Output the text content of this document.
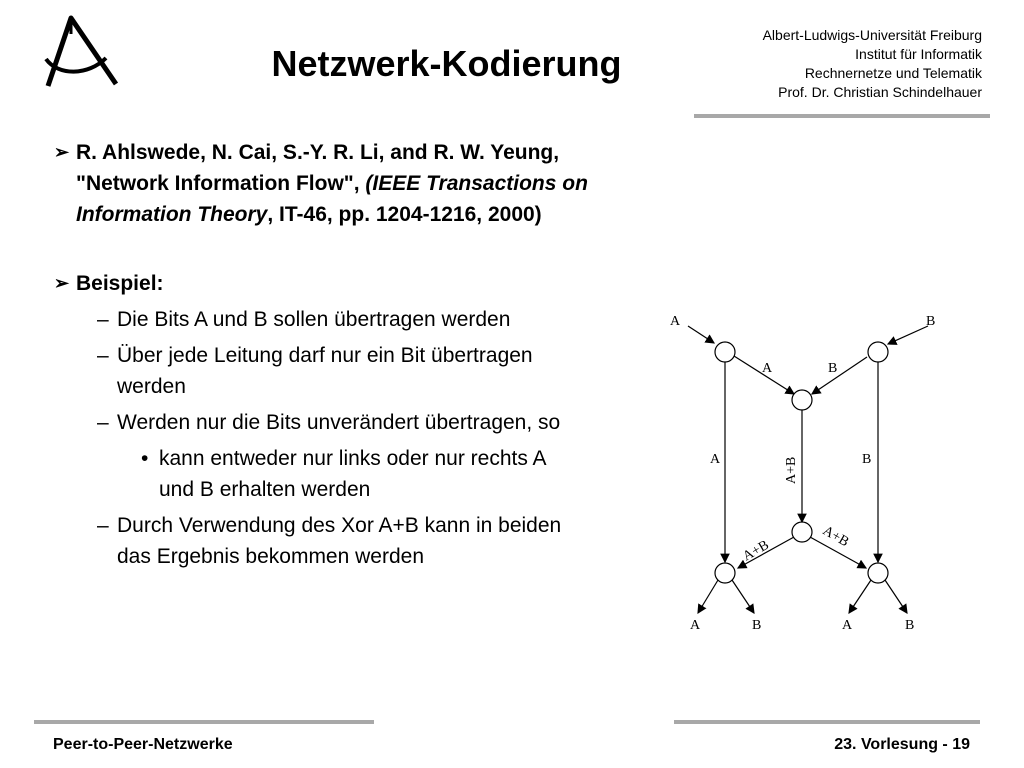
Netzwerk-Kodierung
Albert-Ludwigs-Universität Freiburg
Institut für Informatik
Rechnernetze und Telematik
Prof. Dr. Christian Schindelhauer
➢ R. Ahlswede, N. Cai, S.-Y. R. Li, and R. W. Yeung, "Network Information Flow", (IEEE Transactions on Information Theory, IT-46, pp. 1204-1216, 2000)
➢ Beispiel:
– Die Bits A und B sollen übertragen werden
– Über jede Leitung darf nur ein Bit übertragen werden
– Werden nur die Bits unverändert übertragen, so
• kann entweder nur links oder nur rechts A und B erhalten werden
– Durch Verwendung des Xor A+B kann in beiden das Ergebnis bekommen werden
A	B
A	B
A	B
A+B
A+B
A+B
A	B	A	B
Peer-to-Peer-Netzwerke	23. Vorlesung - 19
